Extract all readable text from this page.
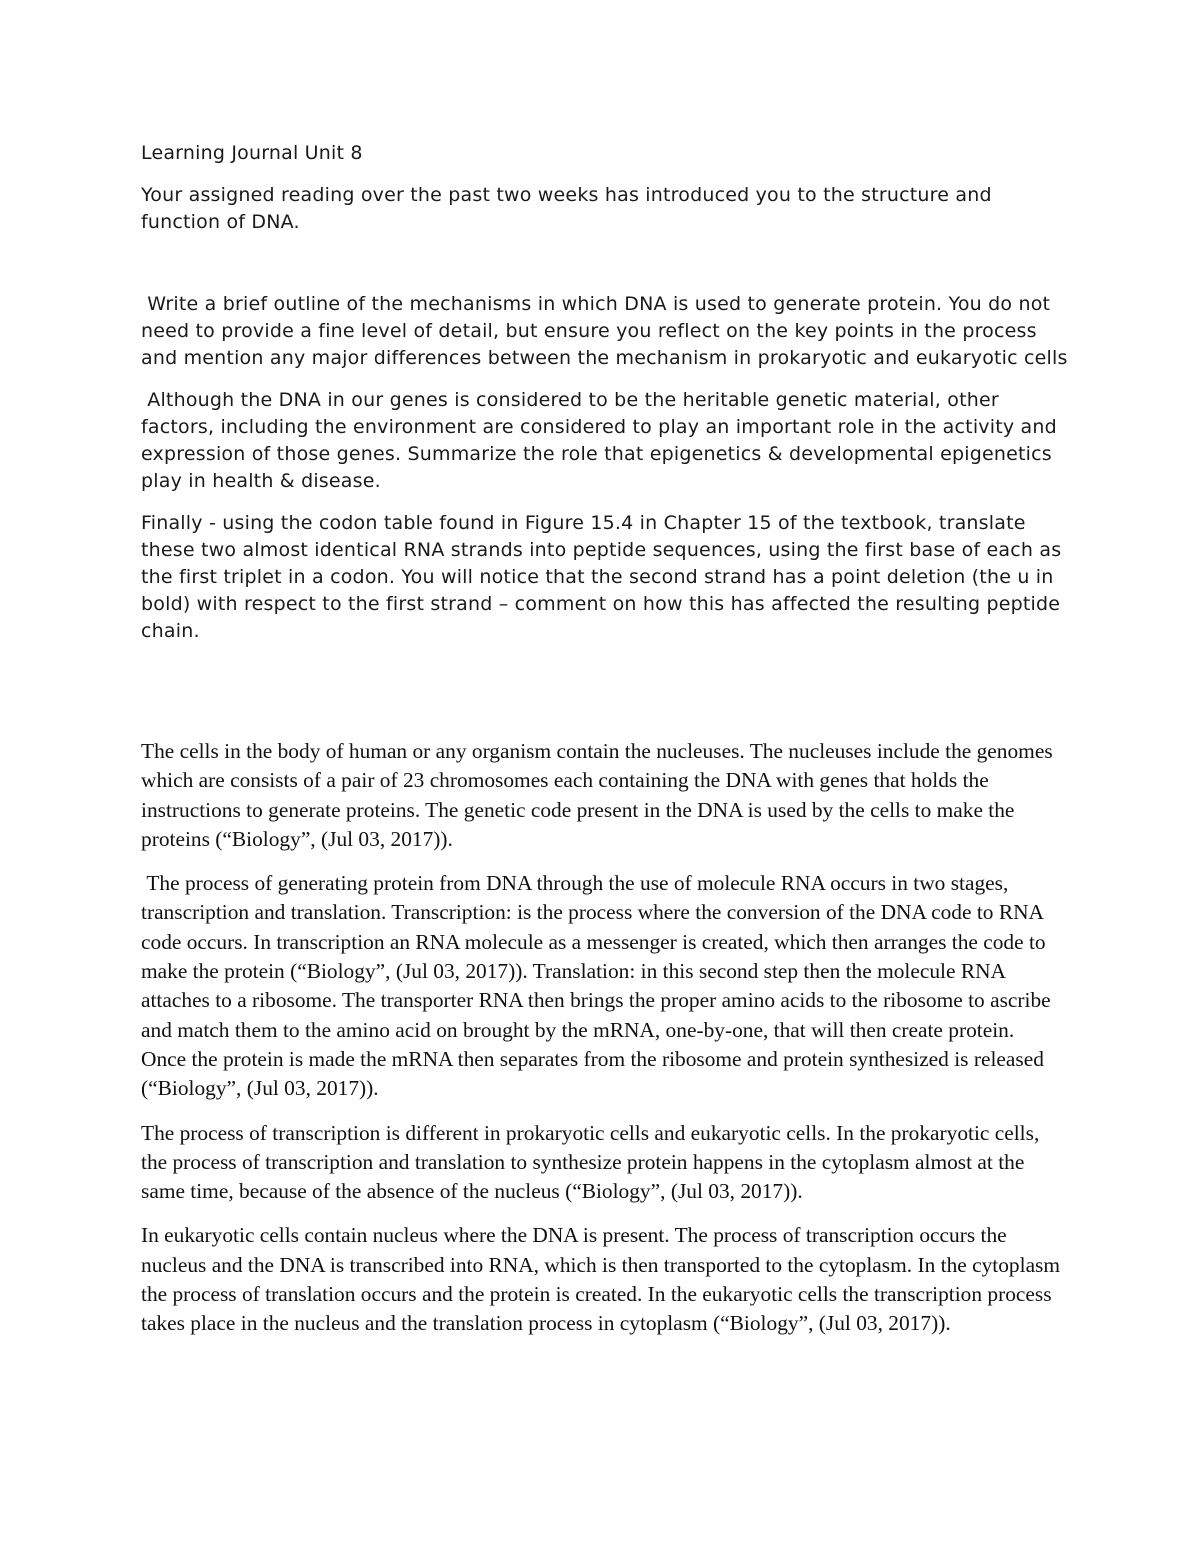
Learning Journal Unit 8

Your assigned reading over the past two weeks has introduced you to the structure and function of DNA.

Write a brief outline of the mechanisms in which DNA is used to generate protein. You do not need to provide a fine level of detail, but ensure you reflect on the key points in the process and mention any major differences between the mechanism in prokaryotic and eukaryotic cells

Although the DNA in our genes is considered to be the heritable genetic material, other factors, including the environment are considered to play an important role in the activity and expression of those genes. Summarize the role that epigenetics & developmental epigenetics play in health & disease.

Finally - using the codon table found in Figure 15.4 in Chapter 15 of the textbook, translate these two almost identical RNA strands into peptide sequences, using the first base of each as the first triplet in a codon. You will notice that the second strand has a point deletion (the u in bold) with respect to the first strand – comment on how this has affected the resulting peptide chain.

The cells in the body of human or any organism contain the nucleuses. The nucleuses include the genomes which are consists of a pair of 23 chromosomes each containing the DNA with genes that holds the instructions to generate proteins. The genetic code present in the DNA is used by the cells to make the proteins (“Biology”, (Jul 03, 2017)).

The process of generating protein from DNA through the use of molecule RNA occurs in two stages, transcription and translation. Transcription: is the process where the conversion of the DNA code to RNA code occurs. In transcription an RNA molecule as a messenger is created, which then arranges the code to make the protein (“Biology”, (Jul 03, 2017)). Translation: in this second step then the molecule RNA attaches to a ribosome. The transporter RNA then brings the proper amino acids to the ribosome to ascribe and match them to the amino acid on brought by the mRNA, one-by-one, that will then create protein.  Once the protein is made the mRNA then separates from the ribosome and protein synthesized is released (“Biology”, (Jul 03, 2017)).

The process of transcription is different in prokaryotic cells and eukaryotic cells. In the prokaryotic cells, the process of transcription and translation to synthesize protein happens in the cytoplasm almost at the same time, because of the absence of the nucleus (“Biology”, (Jul 03, 2017)).

In eukaryotic cells contain nucleus where the DNA is present. The process of transcription occurs the nucleus and the DNA is transcribed into RNA, which is then transported to the cytoplasm. In the cytoplasm the process of translation occurs and the protein is created. In the eukaryotic cells the transcription process takes place in the nucleus and the translation process in cytoplasm (“Biology”, (Jul 03, 2017)).
